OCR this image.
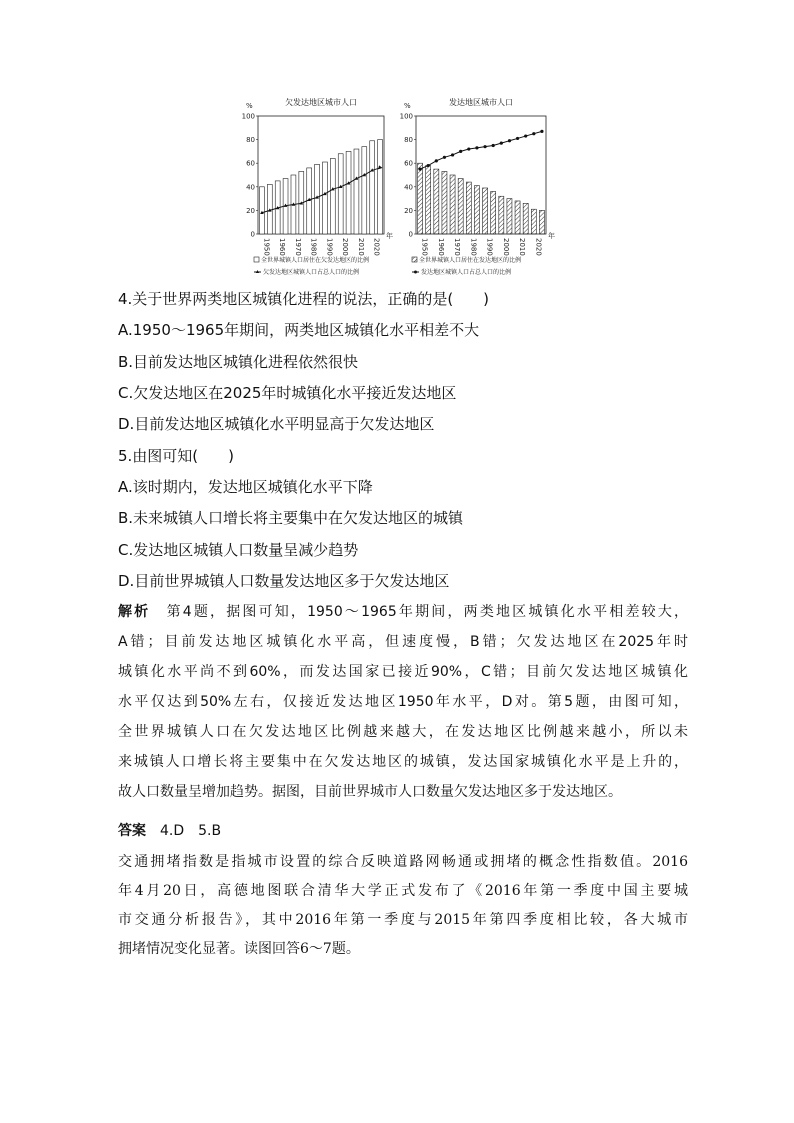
欠发达地区城市人口
%
0
20
40
60
80
100
1950 1960 1970 1980 1990 2000 2010 2020
年
全世界城镇人口居住在欠发达地区的比例
欠发达地区城镇人口占总人口的比例
发达地区城市人口
%
0
20
40
60
80
100
1950 1960 1970 1980 1990 2000 2010 2020
年
全世界城镇人口居住在发达地区的比例
发达地区城镇人口占总人口的比例
4.关于世界两类地区城镇化进程的说法，正确的是(　　)
A.1950～1965年期间，两类地区城镇化水平相差不大
B.目前发达地区城镇化进程依然很快
C.欠发达地区在2025年时城镇化水平接近发达地区
D.目前发达地区城镇化水平明显高于欠发达地区
5.由图可知(　　)
A.该时期内，发达地区城镇化水平下降
B.未来城镇人口增长将主要集中在欠发达地区的城镇
C.发达地区城镇人口数量呈减少趋势
D.目前世界城镇人口数量发达地区多于欠发达地区
解析　 第4题，据图可知，1950～1965年期间，两类地区城镇化水平相差较大，
A错；目前发达地区城镇化水平高，但速度慢，B错；欠发达地区在2025年时
城镇化水平尚不到60%，而发达国家已接近90%，C错；目前欠发达地区城镇化
水平仅达到50%左右，仅接近发达地区1950年水平，D对。第5题，由图可知，
全世界城镇人口在欠发达地区比例越来越大，在发达地区比例越来越小，所以未
来城镇人口增长将主要集中在欠发达地区的城镇，发达国家城镇化水平是上升的，
故人口数量呈增加趋势。据图，目前世界城市人口数量欠发达地区多于发达地区。
答案　 4.D　5.B
交通拥堵指数是指城市设置的综合反映道路网畅通或拥堵的概念性指数值。2016
年4月20日，高德地图联合清华大学正式发布了《2016年第一季度中国主要城
市交通分析报告》，其中2016年第一季度与2015年第四季度相比较，各大城市
拥堵情况变化显著。读图回答6～7题。
